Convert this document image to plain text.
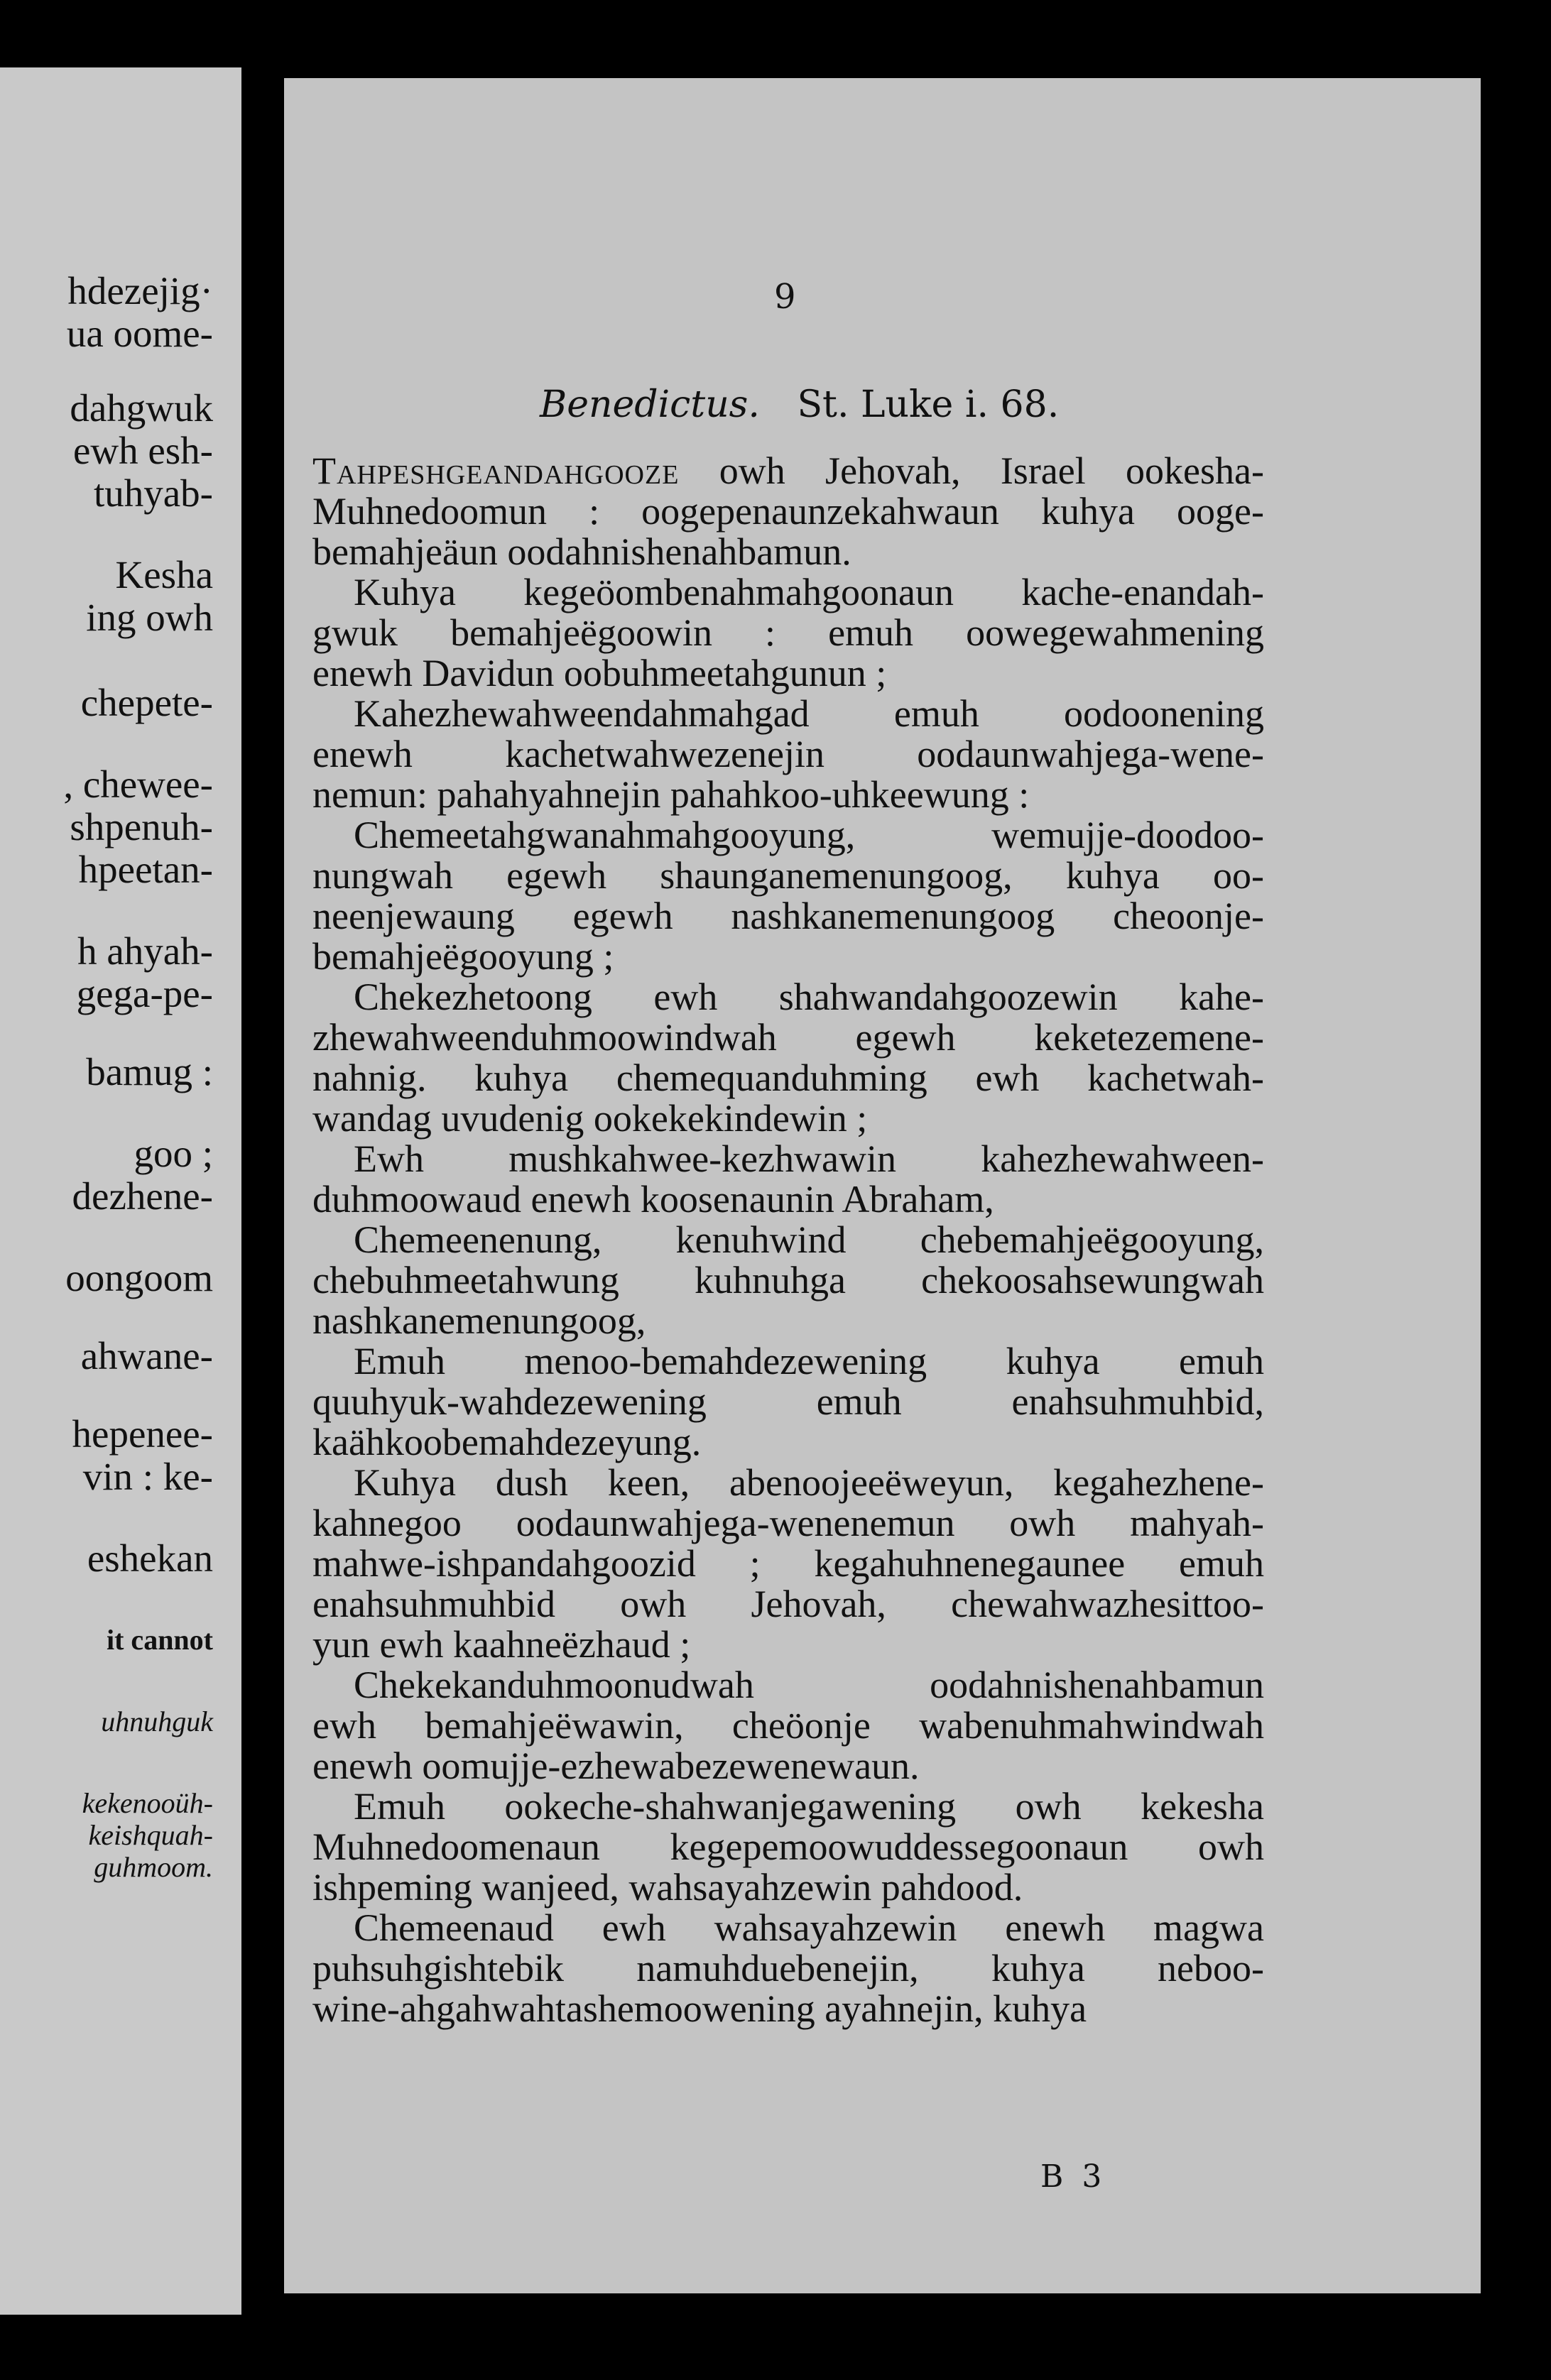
hdezejig·
ua oome-
dahgwuk
ewh esh-
tuhyab-
Kesha
ing owh
chepete-
, cheweе-
shpenuh-
hpeetan-
h ahyah-
gega-pe-
bamug :
goo ;
dezhene-
oongoom
ahwane-
hepenee-
vin : ke-
eshekan
it cannot
uhnuhguk
kekenooüh-
keishquah-
guhmoom.
9
Benedictus. St. Luke i. 68.
Tahpeshgeandahgooze owh Jehovah, Israel ookesha-
Muhnedoomun : oogepenaunzekahwaun kuhya ooge-
bemahjeäun oodahnishenahbamun.
Kuhya kegeöombenahmahgoonaun kache-enandah-
gwuk bemahjeëgoowin : emuh oowegewahmening
enewh Davidun oobuhmeetahgunun ;
Kahezhewahweendahmahgad emuh oodoonening
enewh kachetwahwezenejin oodaunwahjega-wene-
nemun: pahahyahnejin pahahkoo-uhkeewung :
Chemeetahgwanahmahgooyung, wemujje-doodoo-
nungwah egewh shaunganemenungoog, kuhya oo-
neenjewaung egewh nashkanemenungoog cheoonje-
bemahjeëgooyung ;
Chekezhetoong ewh shahwandahgoozewin kahe-
zhewahweenduhmoowindwah egewh keketezemene-
nahnig. kuhya chemequanduhming ewh kachetwah-
wandag uvudenig ookekekindewin ;
Ewh mushkahwee-kezhwawin kahezhewahween-
duhmoowaud enewh koosenaunin Abraham,
Chemeenenung, kenuhwind chebemahjeëgooyung,
chebuhmeetahwung kuhnuhga chekoosahsewungwah
nashkanemenungoog,
Emuh menoo-bemahdezewening kuhya emuh
quuhyuk-wahdezewening emuh enahsuhmuhbid,
kaähkoobemahdezeyung.
Kuhya dush keen, abenoojeeëweyun, kegahezhene-
kahnegoo oodaunwahjega-wenenemun owh mahyah-
mahwe-ishpandahgoozid ; kegahuhnenegaunee emuh
enahsuhmuhbid owh Jehovah, chewahwazhesittoo-
yun ewh kaahneëzhaud ;
Chekekanduhmoonudwah oodahnishenahbamun
ewh bemahjeëwawin, cheöonje wabenuhmahwindwah
enewh oomujje-ezhewabezewenewaun.
Emuh ookeche-shahwanjegawening owh kekesha
Muhnedoomenaun kegepemoowuddessegoonaun owh
ishpeming wanjeed, wahsayahzewin pahdood.
Chemeenaud ewh wahsayahzewin enewh magwa
puhsuhgishtebik namuhduebenejin, kuhya neboo-
wine-ahgahwahtashemoowening ayahnejin, kuhya
B 3
